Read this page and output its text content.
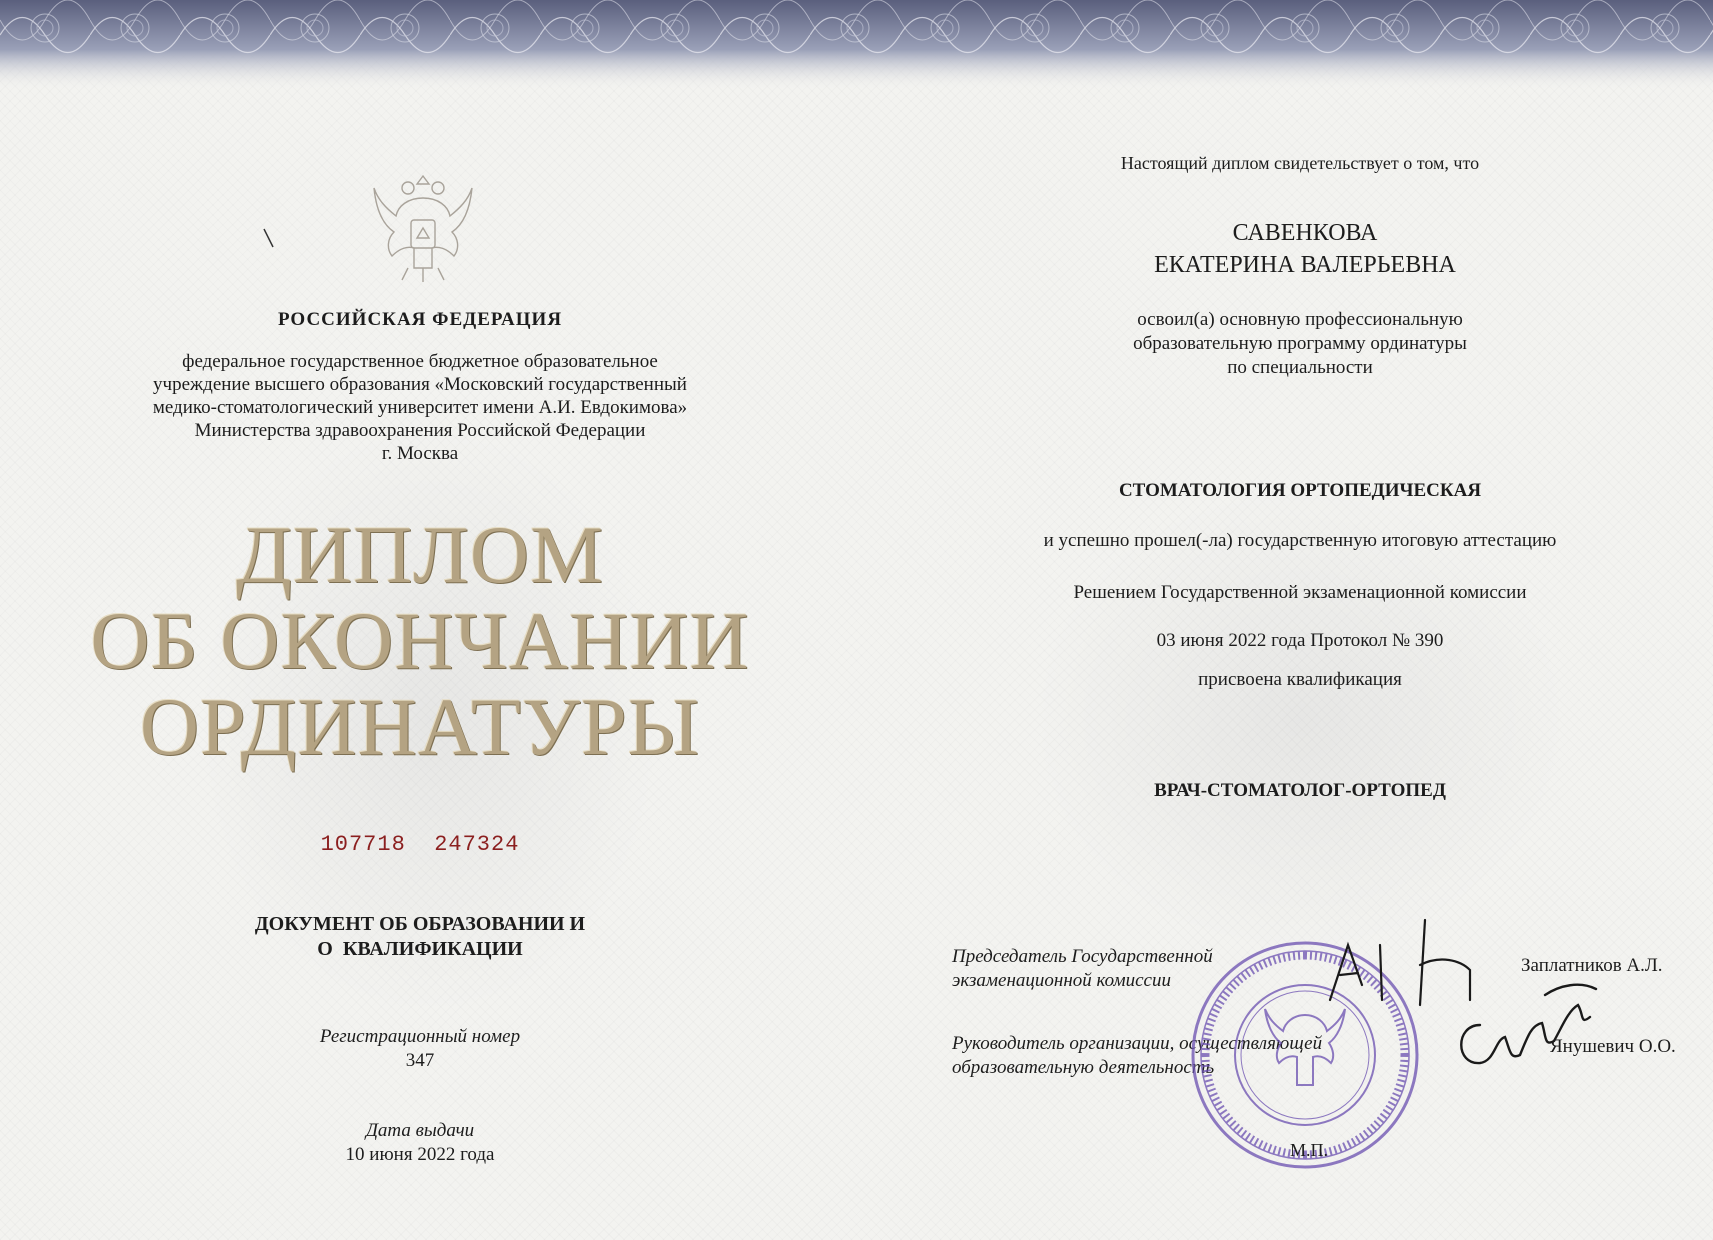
РОССИЙСКАЯ ФЕДЕРАЦИЯ
федеральное государственное бюджетное образовательное
учреждение высшего образования «Московский государственный
медико-стоматологический университет имени А.И. Евдокимова»
Министерства здравоохранения Российской Федерации
г. Москва
ДИПЛОМ
ОБ ОКОНЧАНИИ
ОРДИНАТУРЫ
107718  247324
ДОКУМЕНТ ОБ ОБРАЗОВАНИИ И
О  КВАЛИФИКАЦИИ
Регистрационный номер
347
Дата выдачи
10 июня 2022 года
Настоящий диплом свидетельствует о том, что
САВЕНКОВА
ЕКАТЕРИНА ВАЛЕРЬЕВНА
освоил(а) основную профессиональную
образовательную программу ординатуры
по специальности
СТОМАТОЛОГИЯ ОРТОПЕДИЧЕСКАЯ
и успешно прошел(-ла) государственную итоговую аттестацию
Решением Государственной экзаменационной комиссии
03 июня 2022 года Протокол № 390
присвоена квалификация
ВРАЧ-СТОМАТОЛОГ-ОРТОПЕД
Председатель Государственной
экзаменационной комиссии
Руководитель организации, осуществляющей
образовательную деятельность
Заплатников А.Л.
Янушевич О.О.
М.П.
